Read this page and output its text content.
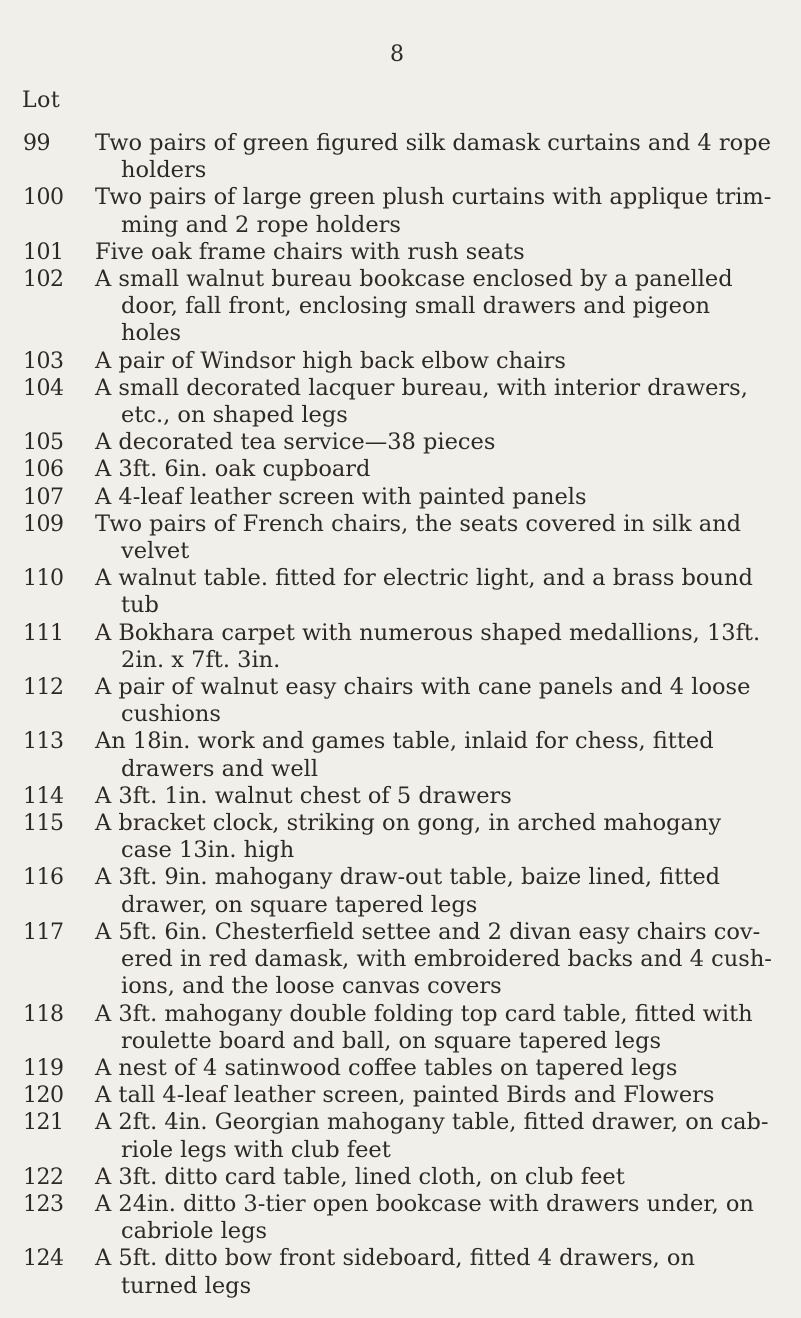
8
Lot
99	Two pairs of green figured silk damask curtains and 4 rope holders
100	Two pairs of large green plush curtains with applique trim-ming and 2 rope holders
101	Five oak frame chairs with rush seats
102	A small walnut bureau bookcase enclosed by a panelled door, fall front, enclosing small drawers and pigeon holes
103	A pair of Windsor high back elbow chairs
104	A small decorated lacquer bureau, with interior drawers, etc., on shaped legs
105	A decorated tea service—38 pieces
106	A 3ft. 6in. oak cupboard
107	A 4-leaf leather screen with painted panels
109	Two pairs of French chairs, the seats covered in silk and velvet
110	A walnut table. fitted for electric light, and a brass bound tub
111	A Bokhara carpet with numerous shaped medallions, 13ft. 2in. x 7ft. 3in.
112	A pair of walnut easy chairs with cane panels and 4 loose cushions
113	An 18in. work and games table, inlaid for chess, fitted drawers and well
114	A 3ft. 1in. walnut chest of 5 drawers
115	A bracket clock, striking on gong, in arched mahogany case 13in. high
116	A 3ft. 9in. mahogany draw-out table, baize lined, fitted drawer, on square tapered legs
117	A 5ft. 6in. Chesterfield settee and 2 divan easy chairs cov-ered in red damask, with embroidered backs and 4 cush-ions, and the loose canvas covers
118	A 3ft. mahogany double folding top card table, fitted with roulette board and ball, on square tapered legs
119	A nest of 4 satinwood coffee tables on tapered legs
120	A tall 4-leaf leather screen, painted Birds and Flowers
121	A 2ft. 4in. Georgian mahogany table, fitted drawer, on cab-riole legs with club feet
122	A 3ft. ditto card table, lined cloth, on club feet
123	A 24in. ditto 3-tier open bookcase with drawers under, on cabriole legs
124	A 5ft. ditto bow front sideboard, fitted 4 drawers, on turned legs
